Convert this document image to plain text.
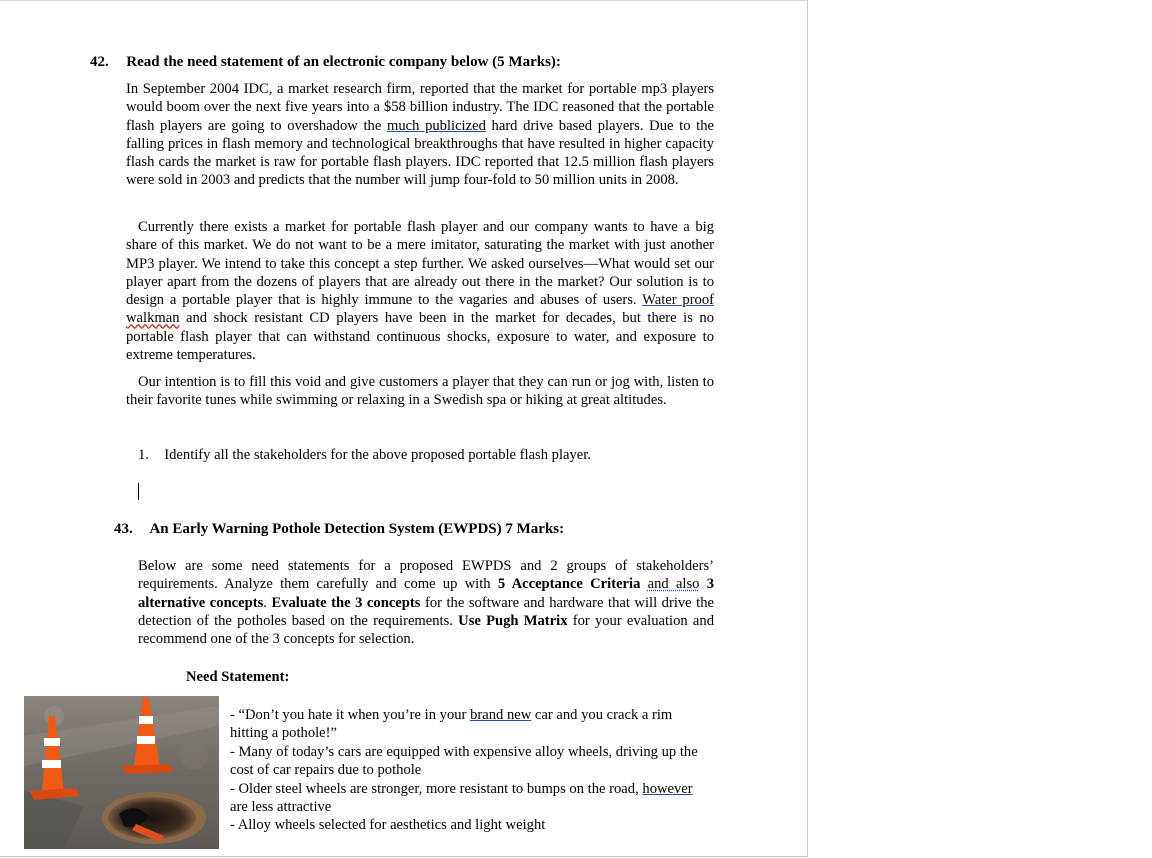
42. Read the need statement of an electronic company below (5 Marks):
In September 2004 IDC, a market research firm, reported that the market for portable mp3 players would boom over the next five years into a $58 billion industry. The IDC reasoned that the portable flash players are going to overshadow the much publicized hard drive based players. Due to the falling prices in flash memory and technological breakthroughs that have resulted in higher capacity flash cards the market is raw for portable flash players. IDC reported that 12.5 million flash players were sold in 2003 and predicts that the number will jump four-fold to 50 million units in 2008.
Currently there exists a market for portable flash player and our company wants to have a big share of this market. We do not want to be a mere imitator, saturating the market with just another MP3 player. We intend to take this concept a step further. We asked ourselves—What would set our player apart from the dozens of players that are already out there in the market? Our solution is to design a portable player that is highly immune to the vagaries and abuses of users. Water proof walkman and shock resistant CD players have been in the market for decades, but there is no portable flash player that can withstand continuous shocks, exposure to water, and exposure to extreme temperatures.
Our intention is to fill this void and give customers a player that they can run or jog with, listen to their favorite tunes while swimming or relaxing in a Swedish spa or hiking at great altitudes.
1. Identify all the stakeholders for the above proposed portable flash player.
43. An Early Warning Pothole Detection System (EWPDS) 7 Marks:
Below are some need statements for a proposed EWPDS and 2 groups of stakeholders’ requirements. Analyze them carefully and come up with 5 Acceptance Criteria and also 3 alternative concepts. Evaluate the 3 concepts for the software and hardware that will drive the detection of the potholes based on the requirements. Use Pugh Matrix for your evaluation and recommend one of the 3 concepts for selection.
Need Statement:
- “Don’t you hate it when you’re in your brand new car and you crack a rim hitting a pothole!”
- Many of today’s cars are equipped with expensive alloy wheels, driving up the cost of car repairs due to pothole
- Older steel wheels are stronger, more resistant to bumps on the road, however are less attractive
- Alloy wheels selected for aesthetics and light weight
